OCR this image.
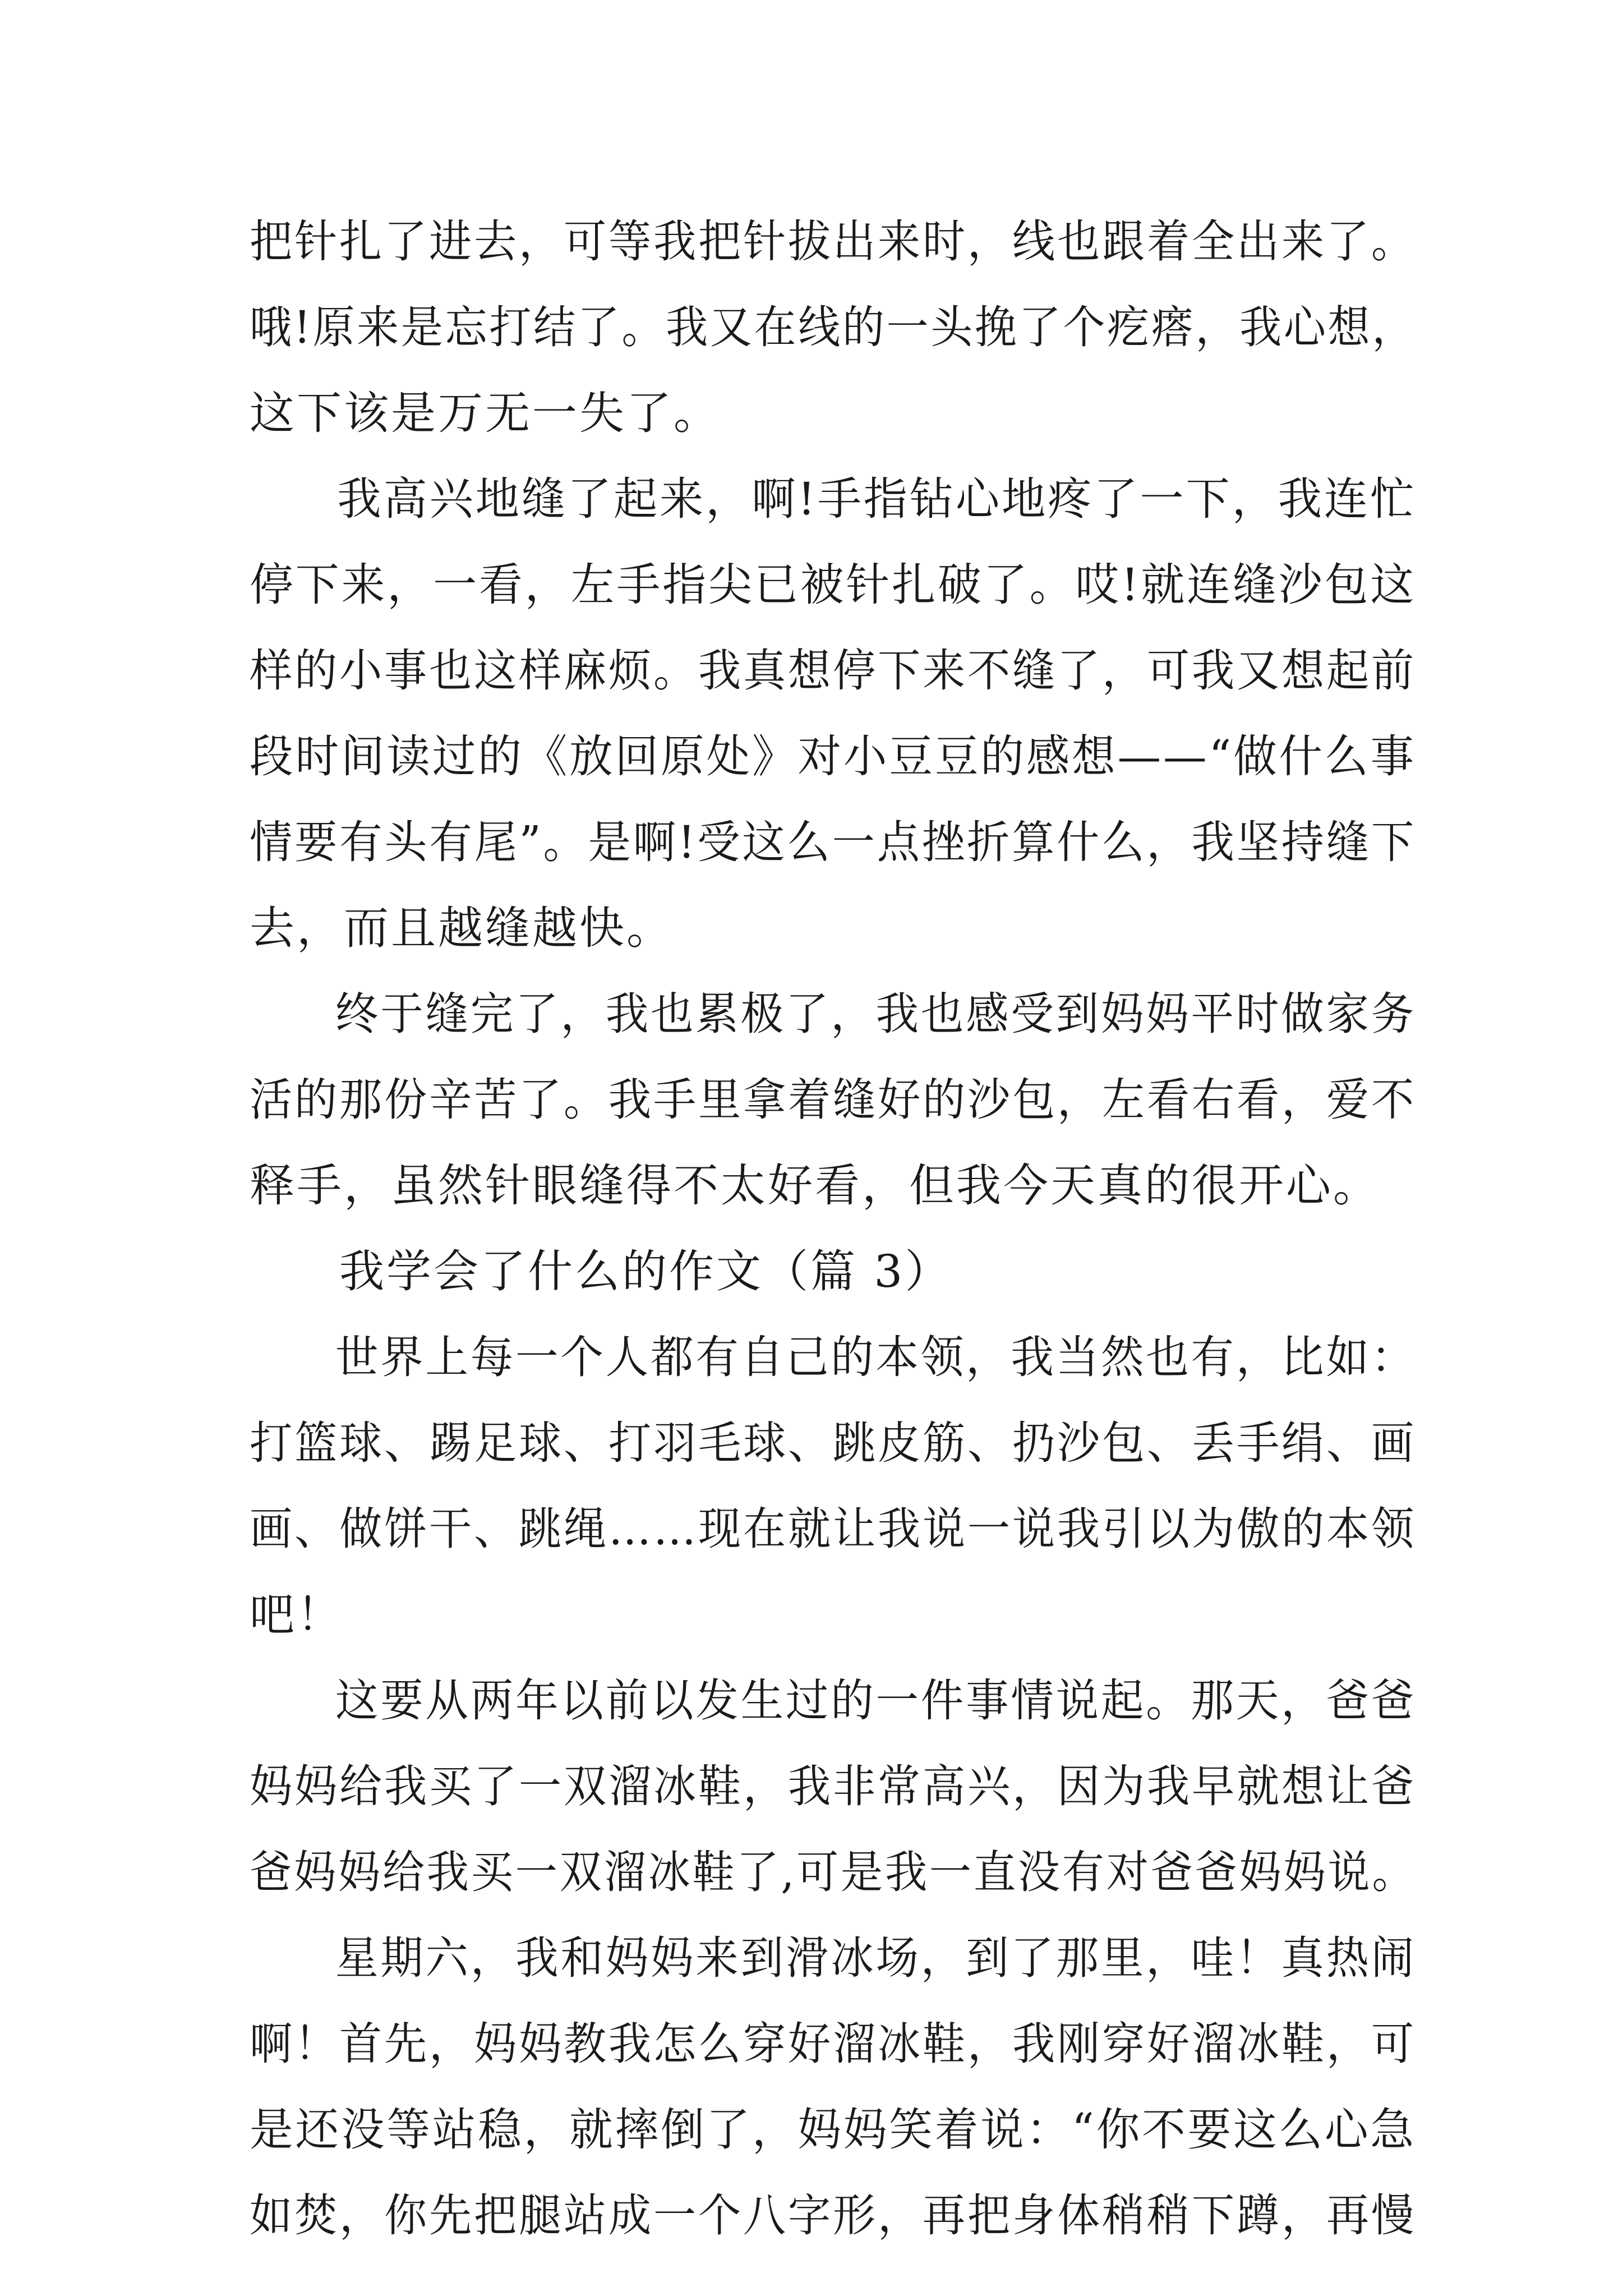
把针扎了进去，可等我把针拔出来时，线也跟着全出来了。
哦!原来是忘打结了。我又在线的一头挽了个疙瘩，我心想，
这下该是万无一失了。
我高兴地缝了起来，啊!手指钻心地疼了一下，我连忙
停下来，一看，左手指尖已被针扎破了。哎!就连缝沙包这
样的小事也这样麻烦。我真想停下来不缝了，可我又想起前
段时间读过的《放回原处》对小豆豆的感想——“做什么事
情要有头有尾”。是啊!受这么一点挫折算什么，我坚持缝下
去，而且越缝越快。
终于缝完了，我也累极了，我也感受到妈妈平时做家务
活的那份辛苦了。我手里拿着缝好的沙包，左看右看，爱不
释手，虽然针眼缝得不太好看，但我今天真的很开心。
我学会了什么的作文（篇 3）
世界上每一个人都有自己的本领，我当然也有，比如：
打篮球、踢足球、打羽毛球、跳皮筋、扔沙包、丢手绢、画
画、做饼干、跳绳……现在就让我说一说我引以为傲的本领
吧！
这要从两年以前以发生过的一件事情说起。那天，爸爸
妈妈给我买了一双溜冰鞋，我非常高兴，因为我早就想让爸
爸妈妈给我买一双溜冰鞋了,可是我一直没有对爸爸妈妈说。
星期六，我和妈妈来到滑冰场，到了那里，哇！真热闹
啊！首先，妈妈教我怎么穿好溜冰鞋，我刚穿好溜冰鞋，可
是还没等站稳，就摔倒了，妈妈笑着说：“你不要这么心急
如焚，你先把腿站成一个八字形，再把身体稍稍下蹲，再慢
